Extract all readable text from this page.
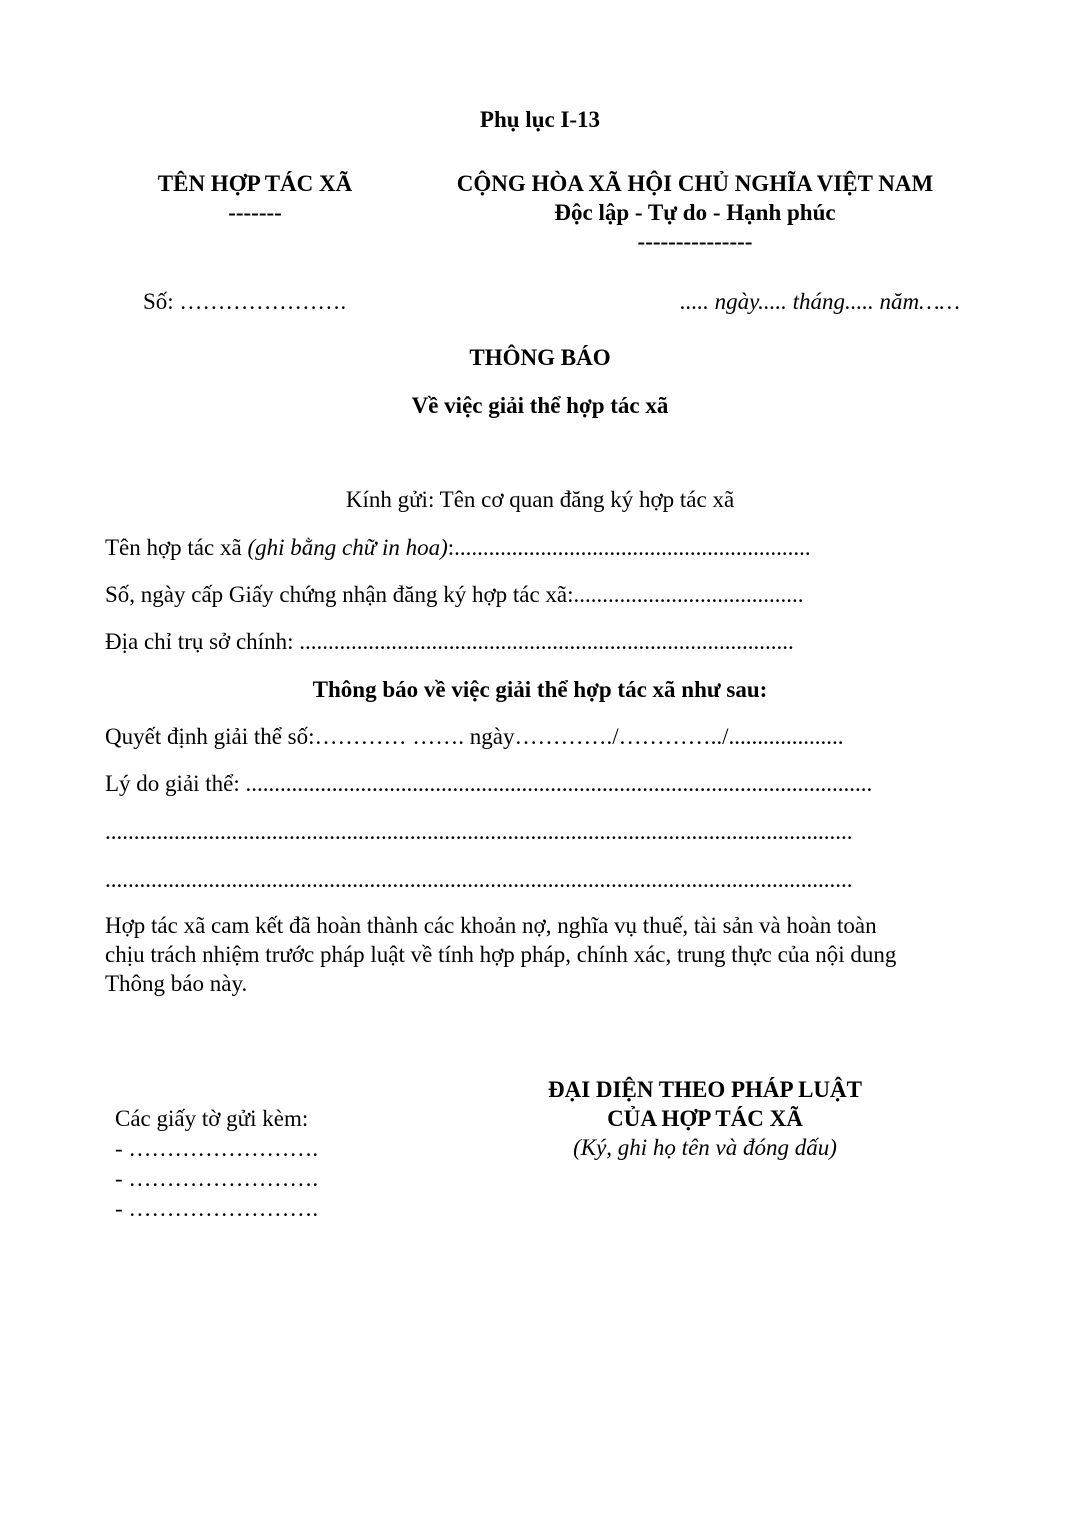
Phụ lục I-13
TÊN HỢP TÁC XÃ
-------
CỘNG HÒA XÃ HỘI CHỦ NGHĨA VIỆT NAM
Độc lập - Tự do - Hạnh phúc
---------------
Số: ………………….	..... ngày..... tháng..... năm……
THÔNG BÁO
Về việc giải thể hợp tác xã
Kính gửi: Tên cơ quan đăng ký hợp tác xã
Tên hợp tác xã (ghi bằng chữ in hoa):..............................................................
Số, ngày cấp Giấy chứng nhận đăng ký hợp tác xã:........................................
Địa chỉ trụ sở chính: ......................................................................................
Thông báo về việc giải thể hợp tác xã như sau:
Quyết định giải thể số:………… ……. ngày…………./…………../....................
Lý do giải thể: .............................................................................................................
..................................................................................................................................
..................................................................................................................................
Hợp tác xã cam kết đã hoàn thành các khoản nợ, nghĩa vụ thuế, tài sản và hoàn toàn
chịu trách nhiệm trước pháp luật về tính hợp pháp, chính xác, trung thực của nội dung
Thông báo này.
ĐẠI DIỆN THEO PHÁP LUẬT
CỦA HỢP TÁC XÃ
(Ký, ghi họ tên và đóng dấu)
Các giấy tờ gửi kèm:
- …………………….
- …………………….
- …………………….
